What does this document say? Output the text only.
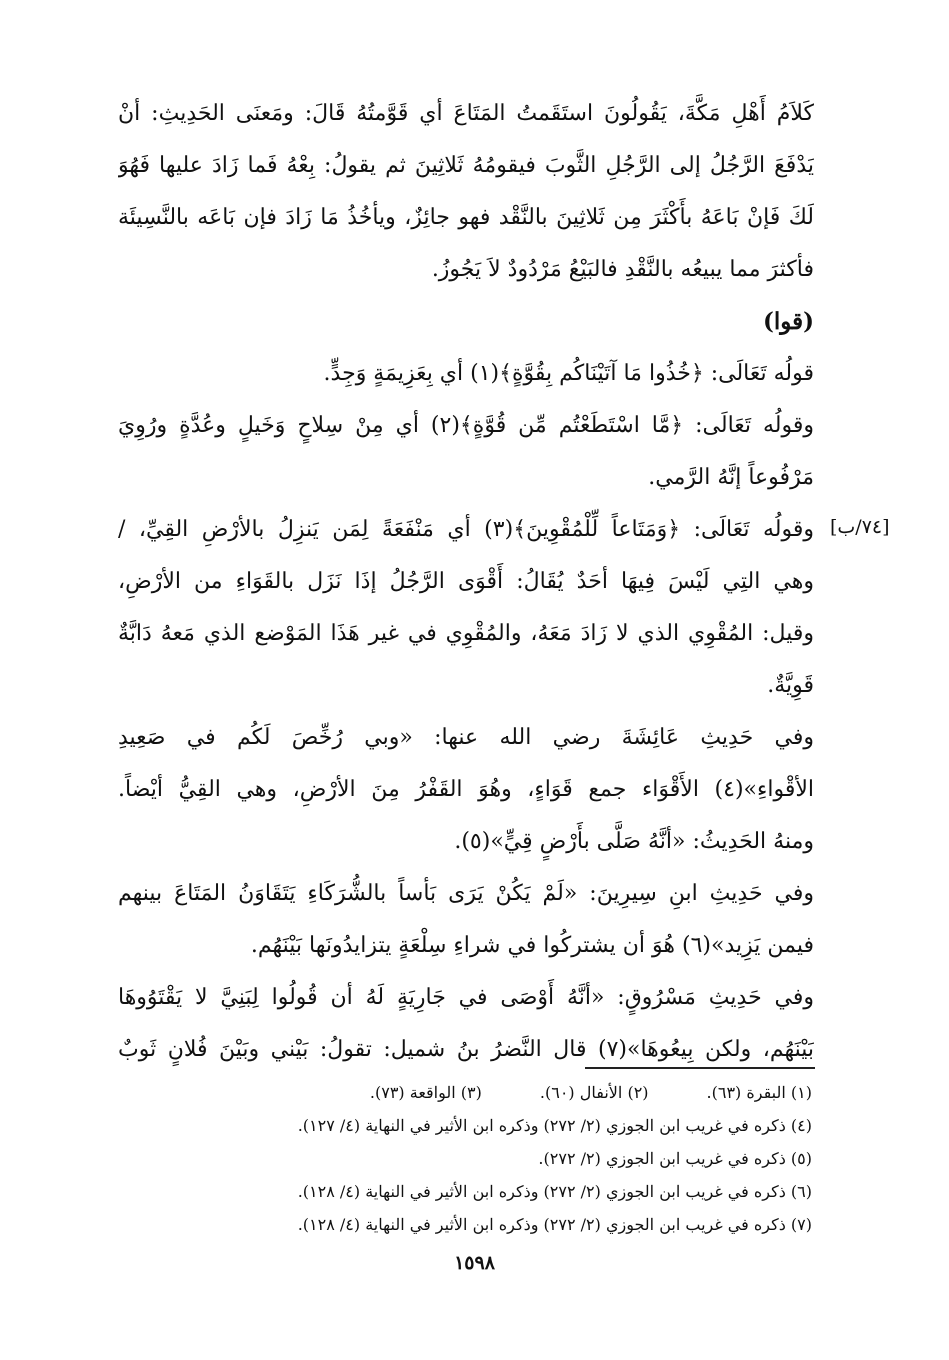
كَلاَمُ أَهْلِ مَكَّةَ، يَقُولُونَ استَقَمتُ المَتَاعَ أي قَوَّمتُهُ قَالَ: ومَعنَى الحَدِيثِ: أنْ
يَدْفَعَ الرَّجُلُ إلى الرَّجُلِ الثَّوبَ فيقومُهُ ثَلاثِينَ ثم يقولُ: بِعْهُ فَما زَادَ عليها فَهُوَ
لَكَ فَإنْ بَاعَهُ بأَكْثَرَ مِن ثَلاثِينَ بالنَّقْد فهو جائِزٌ، ويأخُذُ مَا زَادَ فإن بَاعَه بالنَّسِيئَة
فأكثرَ مما يبيعُه بالنَّقْدِ فالبَيْعُ مَرْدُودٌ لاَ يَجُوزُ.
(قوا)
قولُه تَعَالَى: ﴿خُذُوا مَا آتَيْنَاكُم بِقُوَّةٍ﴾(١) أي بِعَزِيمَةٍ وَجِدٍّ.
وقولُه تَعَالَى: ﴿مَّا اسْتَطَعْتُم مِّن قُوَّةٍ﴾(٢) أي مِنْ سِلاحٍ وَخَيلٍ وعُدَّةٍ ورُوِيَ
مَرْفُوعاً إنَّهُ الرَّمي.
وقولُه تَعَالَى: ﴿وَمَتَاعاً لِّلْمُقْوِينَ﴾(٣) أي مَنْفَعَةً لِمَن يَنزِلُ بالأرْضِ القِيِّ، /
وهي التِي لَيْسَ فِيهَا أحَدٌ يُقَالُ: أَقْوَى الرَّجُلُ إذَا نَزَل بالقَوَاءِ من الأرْضِ،
وقيل: المُقْوِي الذي لا زَادَ مَعَهُ، والمُقْوِي في غير هَذَا المَوْضع الذي مَعهُ دَابَّةٌ
قَوِيَّةٌ.
وفي حَدِيثِ عَائِشَةَ رضي الله عنها: «وبي رُخِّصَ لَكُم في صَعِيدِ
الأقْواءِ»(٤) الأَقْوَاء جمع قَوَاءٍ، وهُوَ القَفْرُ مِنَ الأرْضِ، وهي القِيُّ أيْضاً.
ومنهُ الحَدِيثُ: «أنَّهُ صَلَّى بأَرْضٍ قِيٍّ»(٥).
وفي حَدِيثِ ابنِ سِيرِينَ: «لَمْ يَكُنْ يَرَى بَأساً بالشُّرَكَاءِ يَتَقَاوَنُ المَتَاعَ بينهم
فيمن يَزِيد»(٦) هُوَ أن يشتركُوا في شراءِ سِلْعَةٍ يتزايدُونَها بَيْنَهُم.
وفي حَدِيثِ مَسْرُوقٍ: «أنَّهُ أَوْصَى في جَارِيَةٍ لَهُ أن قُولُوا لِبَنِيَّ لا يَقْتَوُوهَا
بَيْنَهُم، ولكن بِيعُوهَا»(٧) قال النَّضرُ بنُ شميل: تقولُ: بَيْني وبَيْنَ فُلانٍ ثَوبٌ
[٧٤/ب]
(١) البقرة (٦٣).
(٢) الأنفال (٦٠).
(٣) الواقعة (٧٣).
(٤) ذكره في غريب ابن الجوزي (٢/ ٢٧٢) وذكره ابن الأثير في النهاية (٤/ ١٢٧).
(٥) ذكره في غريب ابن الجوزي (٢/ ٢٧٢).
(٦) ذكره في غريب ابن الجوزي (٢/ ٢٧٢) وذكره ابن الأثير في النهاية (٤/ ١٢٨).
(٧) ذكره في غريب ابن الجوزي (٢/ ٢٧٢) وذكره ابن الأثير في النهاية (٤/ ١٢٨).
١٥٩٨
